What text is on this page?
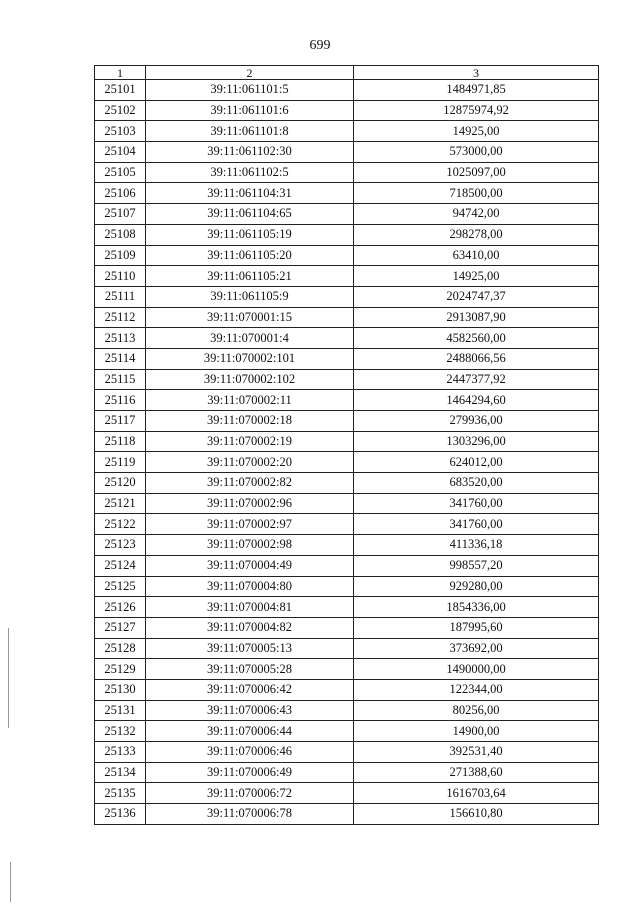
699
1	2	3
25101	39:11:061101:5	1484971,85
25102	39:11:061101:6	12875974,92
25103	39:11:061101:8	14925,00
25104	39:11:061102:30	573000,00
25105	39:11:061102:5	1025097,00
25106	39:11:061104:31	718500,00
25107	39:11:061104:65	94742,00
25108	39:11:061105:19	298278,00
25109	39:11:061105:20	63410,00
25110	39:11:061105:21	14925,00
25111	39:11:061105:9	2024747,37
25112	39:11:070001:15	2913087,90
25113	39:11:070001:4	4582560,00
25114	39:11:070002:101	2488066,56
25115	39:11:070002:102	2447377,92
25116	39:11:070002:11	1464294,60
25117	39:11:070002:18	279936,00
25118	39:11:070002:19	1303296,00
25119	39:11:070002:20	624012,00
25120	39:11:070002:82	683520,00
25121	39:11:070002:96	341760,00
25122	39:11:070002:97	341760,00
25123	39:11:070002:98	411336,18
25124	39:11:070004:49	998557,20
25125	39:11:070004:80	929280,00
25126	39:11:070004:81	1854336,00
25127	39:11:070004:82	187995,60
25128	39:11:070005:13	373692,00
25129	39:11:070005:28	1490000,00
25130	39:11:070006:42	122344,00
25131	39:11:070006:43	80256,00
25132	39:11:070006:44	14900,00
25133	39:11:070006:46	392531,40
25134	39:11:070006:49	271388,60
25135	39:11:070006:72	1616703,64
25136	39:11:070006:78	156610,80
